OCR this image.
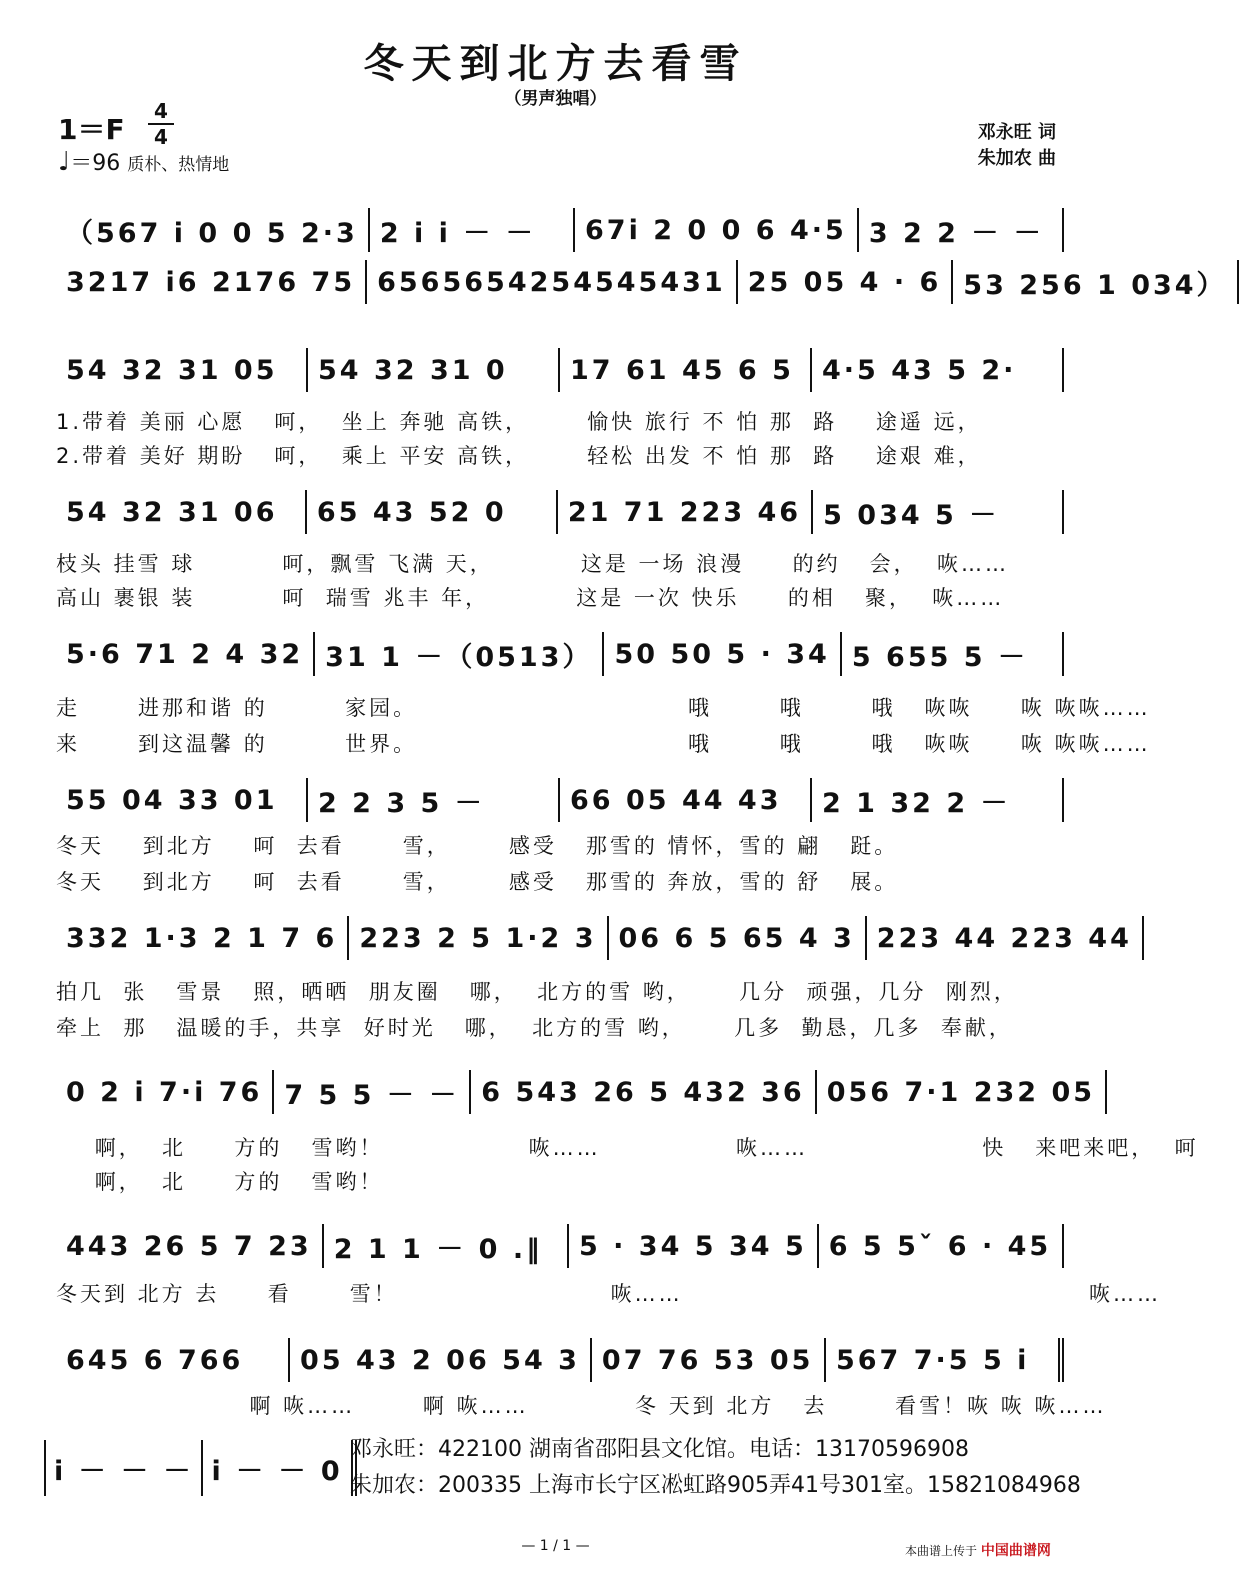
冬天到北方去看雪
（男声独唱）
1＝F
4
4
♩＝96 质朴、热情地
邓永旺 词
朱加农 曲
（567 i 0 0 5 2·3 2 i i － －	67i 2 0 0 6 4·5 3 2 2 － －
3217 i6 2176 75 6565654254545431 25 05 4 · 6 53 256 1 034）
54 32 31 05	54 32 31 0	17 61 45 6 5	4·5 43 5 2·
54 32 31 06	65 43 52 0	21 71 223 46 5 034 5 －
5·6 71 2 4 32 31 1 －（0513） 50 50 5 · 34 5 655 5 －
55 04 33 01	2 2 3 5 －	66 05 44 43	2 1 32 2 －
332 1·3 2 1 7 6 223 2 5 1·2 3 06 6 5 65 4 3 223 44 223 44
0 2 i 7·i 76 7 5 5 － － 6 543 26 5 432 36 056 7·1 232 05
443 26 5 7 23 2 1 1 － 0 .‖	5 · 34 5 34 5 6 5 5ˇ 6 · 45
645 6 766	05 43 2 06 54 3 07 76 53 05 567 7·5 5 i
1.带着 美丽 心愿   呵，  坐上 奔驰 高铁，      愉快 旅行 不 怕 那  路    途遥 远，
2.带着 美好 期盼   呵，  乘上 平安 高铁，      轻松 出发 不 怕 那  路    途艰 难，
枝头 挂雪 球         呵，飘雪 飞满 天，         这是 一场 浪漫     的约   会，  咴……
高山 裹银 装         呵  瑞雪 兆丰 年，         这是 一次 快乐     的相   聚，  咴……
走      进那和谐 的        家园。                            哦       哦       哦   咴咴     咴 咴咴……
来      到这温馨 的        世界。                            哦       哦       哦   咴咴     咴 咴咴……
冬天    到北方    呵  去看      雪，      感受   那雪的 情怀，雪的 翩   跹。
冬天    到北方    呵  去看      雪，      感受   那雪的 奔放，雪的 舒   展。
拍几  张   雪景   照，晒晒  朋友圈   哪，  北方的雪 哟，     几分  顽强，几分  刚烈，
牵上  那   温暖的手，共享  好时光   哪，  北方的雪 哟，     几多  勤恳，几多  奉献，
啊，  北     方的   雪哟！               咴……              咴……                  快   来吧来吧，  呵
啊，  北     方的   雪哟！
冬天到 北方 去     看      雪！                      咴……                                          咴……
啊 咴……       啊 咴……           冬 天到 北方   去       看雪！咴 咴 咴……
i － － － i － － 0
邓永旺：422100 湖南省邵阳县文化馆。电话：13170596908
朱加农：200335 上海市长宁区凇虹路905弄41号301室。15821084968
— 1 / 1 —	本曲谱上传于 中国曲谱网
